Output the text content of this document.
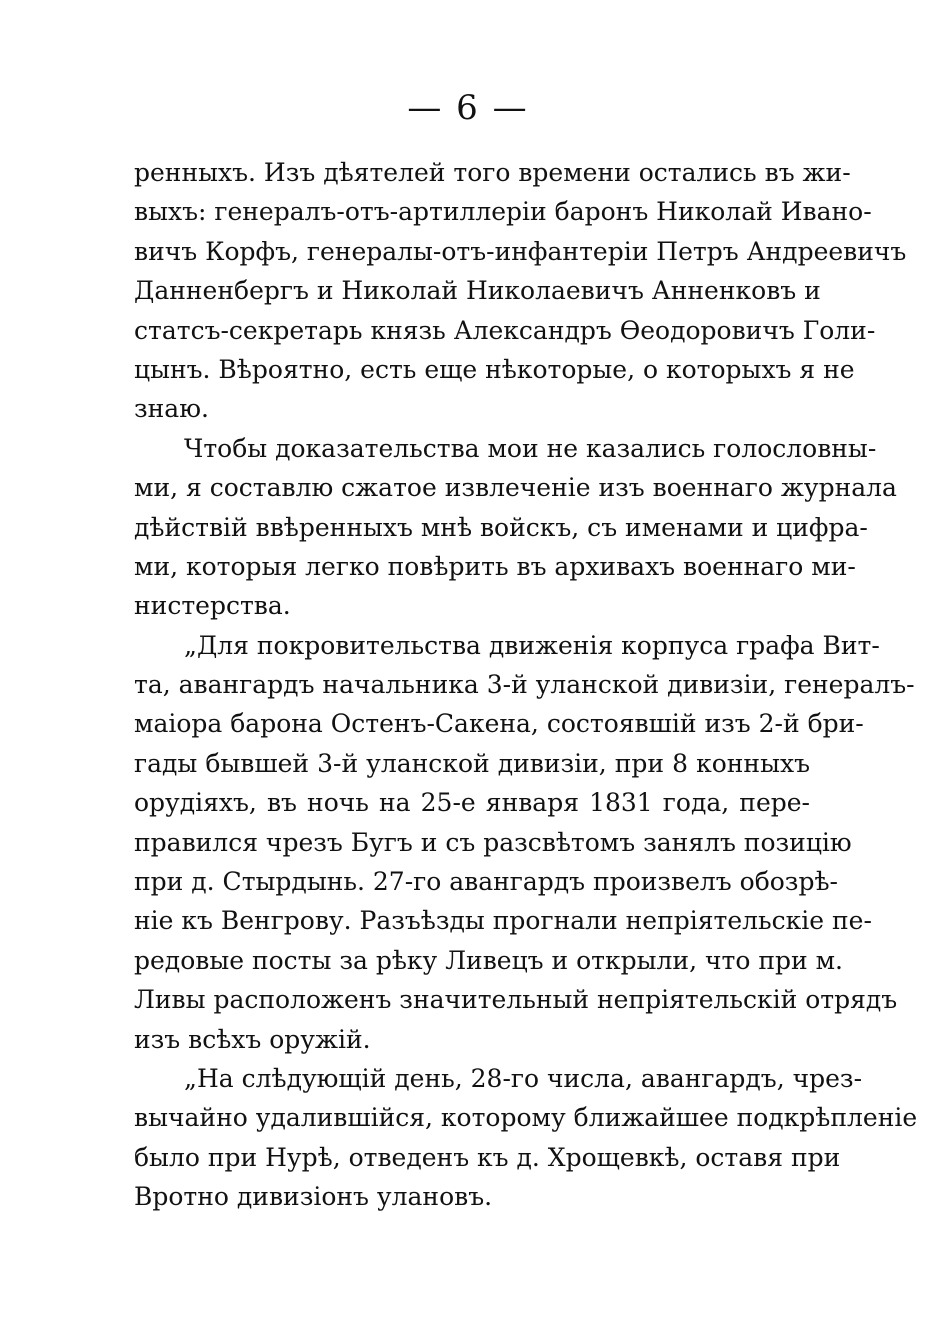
— 6 —
ренныхъ. Изъ дѣятелей того времени остались въ жи-
выхъ: генералъ-отъ-артиллеріи баронъ Николай Ивано-
вичъ Корфъ, генералы-отъ-инфантеріи Петръ Андреевичъ
Данненбергъ и Николай Николаевичъ Анненковъ и
статсъ-секретарь князь Александръ Ѳеодоровичъ Голи-
цынъ. Вѣроятно, есть еще нѣкоторые, о которыхъ я не
знаю.
Чтобы доказательства мои не казались голословны-
ми, я составлю сжатое извлеченіе изъ военнаго журнала
дѣйствій ввѣренныхъ мнѣ войскъ, съ именами и цифра-
ми, которыя легко повѣрить въ архивахъ военнаго ми-
нистерства.
„Для покровительства движенія корпуса графа Вит-
та, авангардъ начальника 3-й уланской дивизіи, генералъ-
маіора барона Остенъ-Сакена, состоявшій изъ 2-й бри-
гады бывшей 3-й уланской дивизіи, при 8 конныхъ
орудіяхъ, въ ночь на 25-е января 1831 года, пере-
правился чрезъ Бугъ и съ разсвѣтомъ занялъ позицію
при д. Стырдынь. 27-го авангардъ произвелъ обозрѣ-
ніе къ Венгрову. Разъѣзды прогнали непріятельскіе пе-
редовые посты за рѣку Ливецъ и открыли, что при м.
Ливы расположенъ значительный непріятельскій отрядъ
изъ всѣхъ оружій.
„На слѣдующій день, 28-го числа, авангардъ, чрез-
вычайно удалившійся, которому ближайшее подкрѣпленіе
было при Нурѣ, отведенъ къ д. Хрощевкѣ, оставя при
Вротно дивизіонъ улановъ.
